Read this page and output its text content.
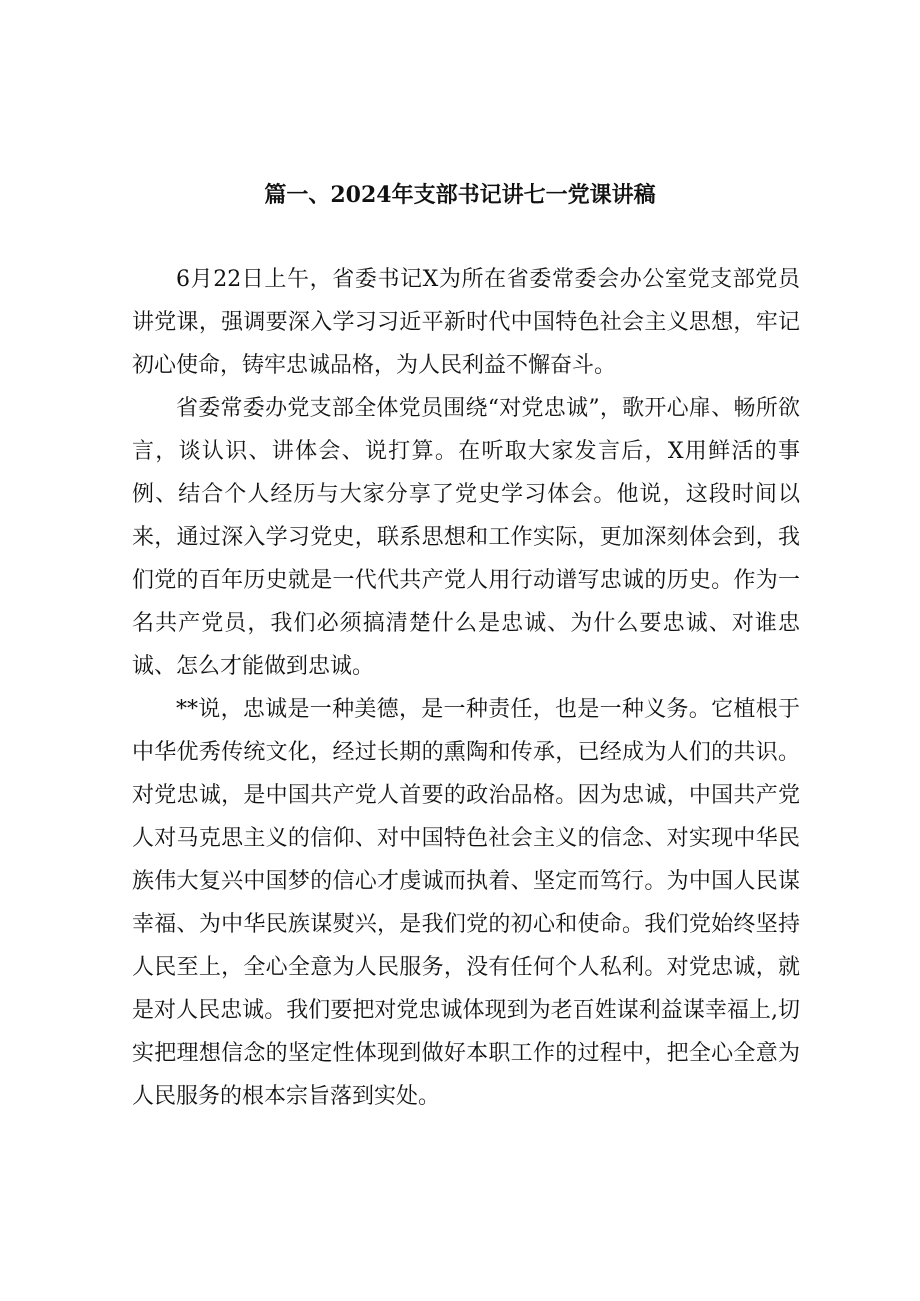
篇一、2024年支部书记讲七一党课讲稿

6月22日上午，省委书记X为所在省委常委会办公室党支部党员讲党课，强调要深入学习习近平新时代中国特色社会主义思想，牢记初心使命，铸牢忠诚品格，为人民利益不懈奋斗。

省委常委办党支部全体党员围绕“对党忠诚”，歌开心扉、畅所欲言，谈认识、讲体会、说打算。在听取大家发言后，X用鲜活的事例、结合个人经历与大家分享了党史学习体会。他说，这段时间以来，通过深入学习党史，联系思想和工作实际，更加深刻体会到，我们党的百年历史就是一代代共产党人用行动谱写忠诚的历史。作为一名共产党员，我们必须搞清楚什么是忠诚、为什么要忠诚、对谁忠诚、怎么才能做到忠诚。

**说，忠诚是一种美德，是一种责任，也是一种义务。它植根于中华优秀传统文化，经过长期的熏陶和传承，已经成为人们的共识。对党忠诚，是中国共产党人首要的政治品格。因为忠诚，中国共产党人对马克思主义的信仰、对中国特色社会主义的信念、对实现中华民族伟大复兴中国梦的信心才虔诚而执着、坚定而笃行。为中国人民谋幸福、为中华民族谋熨兴，是我们党的初心和使命。我们党始终坚持人民至上，全心全意为人民服务，没有任何个人私利。对党忠诚，就是对人民忠诚。我们要把对党忠诚体现到为老百姓谋利益谋幸福上,切实把理想信念的坚定性体现到做好本职工作的过程中，把全心全意为人民服务的根本宗旨落到实处。
